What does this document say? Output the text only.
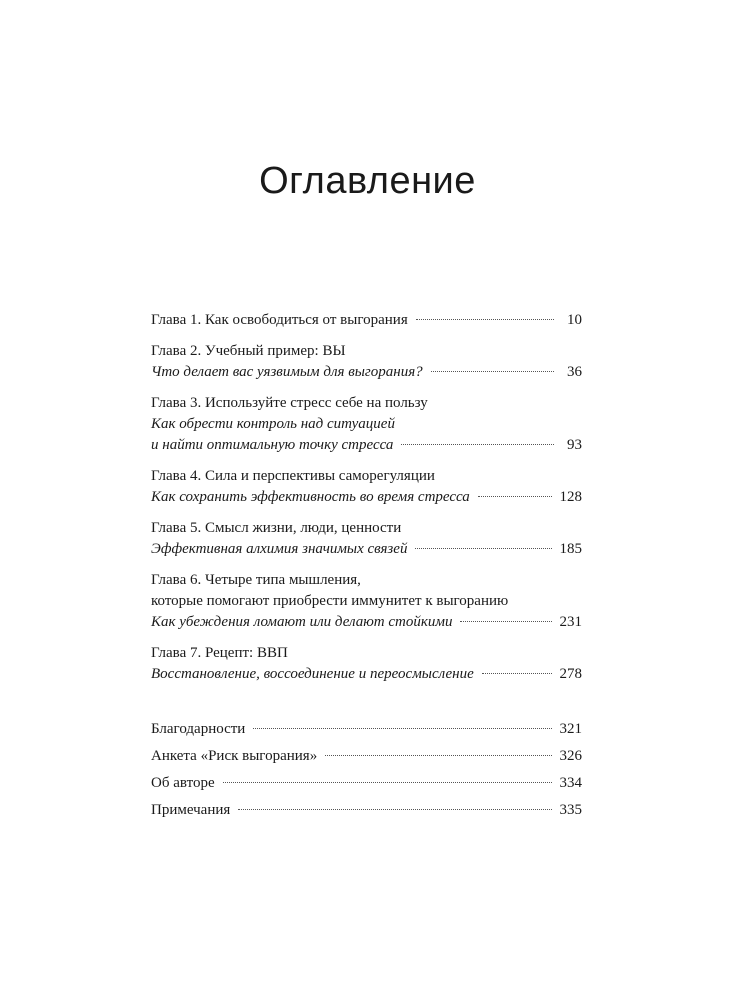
Оглавление
Глава 1. Как освободиться от выгорания	10
Глава 2. Учебный пример: ВЫ
Что делает вас уязвимым для выгорания?	36
Глава 3. Используйте стресс себе на пользу
Как обрести контроль над ситуацией
и найти оптимальную точку стресса	93
Глава 4. Сила и перспективы саморегуляции
Как сохранить эффективность во время стресса	128
Глава 5. Смысл жизни, люди, ценности
Эффективная алхимия значимых связей	185
Глава 6. Четыре типа мышления,
которые помогают приобрести иммунитет к выгоранию
Как убеждения ломают или делают стойкими	231
Глава 7. Рецепт: ВВП
Восстановление, воссоединение и переосмысление	278
Благодарности	321
Анкета «Риск выгорания»	326
Об авторе	334
Примечания	335
